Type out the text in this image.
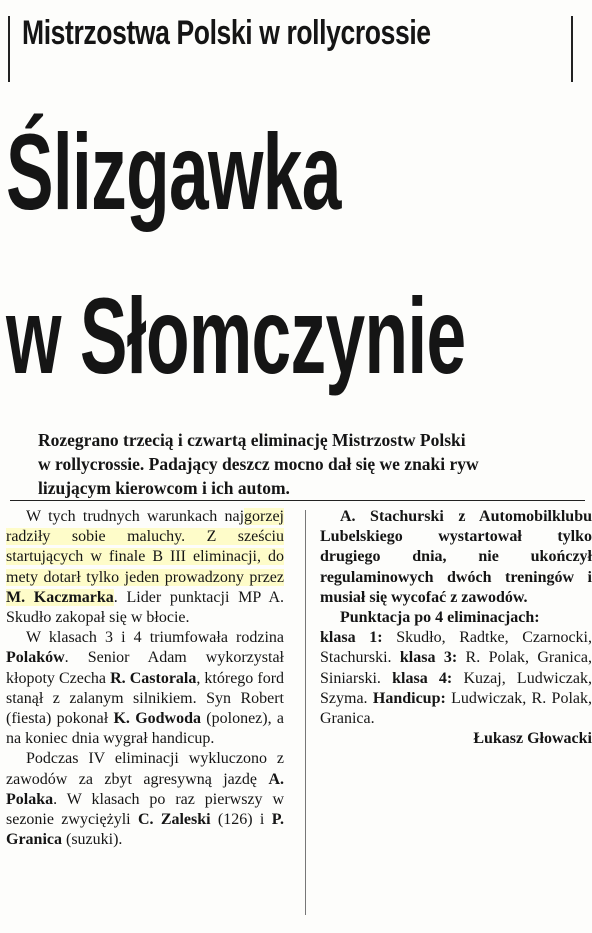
Mistrzostwa Polski w rollycrossie
Ślizgawka
w Słomczynie
Rozegrano trzecią i czwartą eliminację Mistrzostw Polski
w rollycrossie. Padający deszcz mocno dał się we znaki ryw
lizującym kierowcom i ich autom.

W tych trudnych warunkach najgorzej radziły sobie maluchy. Z sześciu startujących w finale B III eliminacji, do mety dotarł tylko jeden prowadzony przez M. Kaczmarka. Lider punktacji MP A. Skudło zakopał się w błocie.

W klasach 3 i 4 triumfowała rodzina Polaków. Senior Adam wykorzystał kłopoty Czecha R. Castorala, którego ford stanął z zalanym silnikiem. Syn Robert (fiesta) pokonał K. Godwoda (polonez), a na koniec dnia wygrał handicup.

Podczas IV eliminacji wykluczono z zawodów za zbyt agresywną jazdę A. Polaka. W klasach po raz pierwszy w sezonie zwyciężyli C. Zaleski (126) i P. Granica (suzuki).

A. Stachurski z Automobilklubu Lubelskiego wystartował tylko drugiego dnia, nie ukończył regulaminowych dwóch treningów i musiał się wycofać z zawodów.

Punktacja po 4 eliminacjach:
klasa 1: Skudło, Radtke, Czarnocki, Stachurski. klasa 3: R. Polak, Granica, Siniarski. klasa 4: Kuzaj, Ludwiczak, Szyma. Handicup: Ludwiczak, R. Polak, Granica.

Łukasz Głowacki
